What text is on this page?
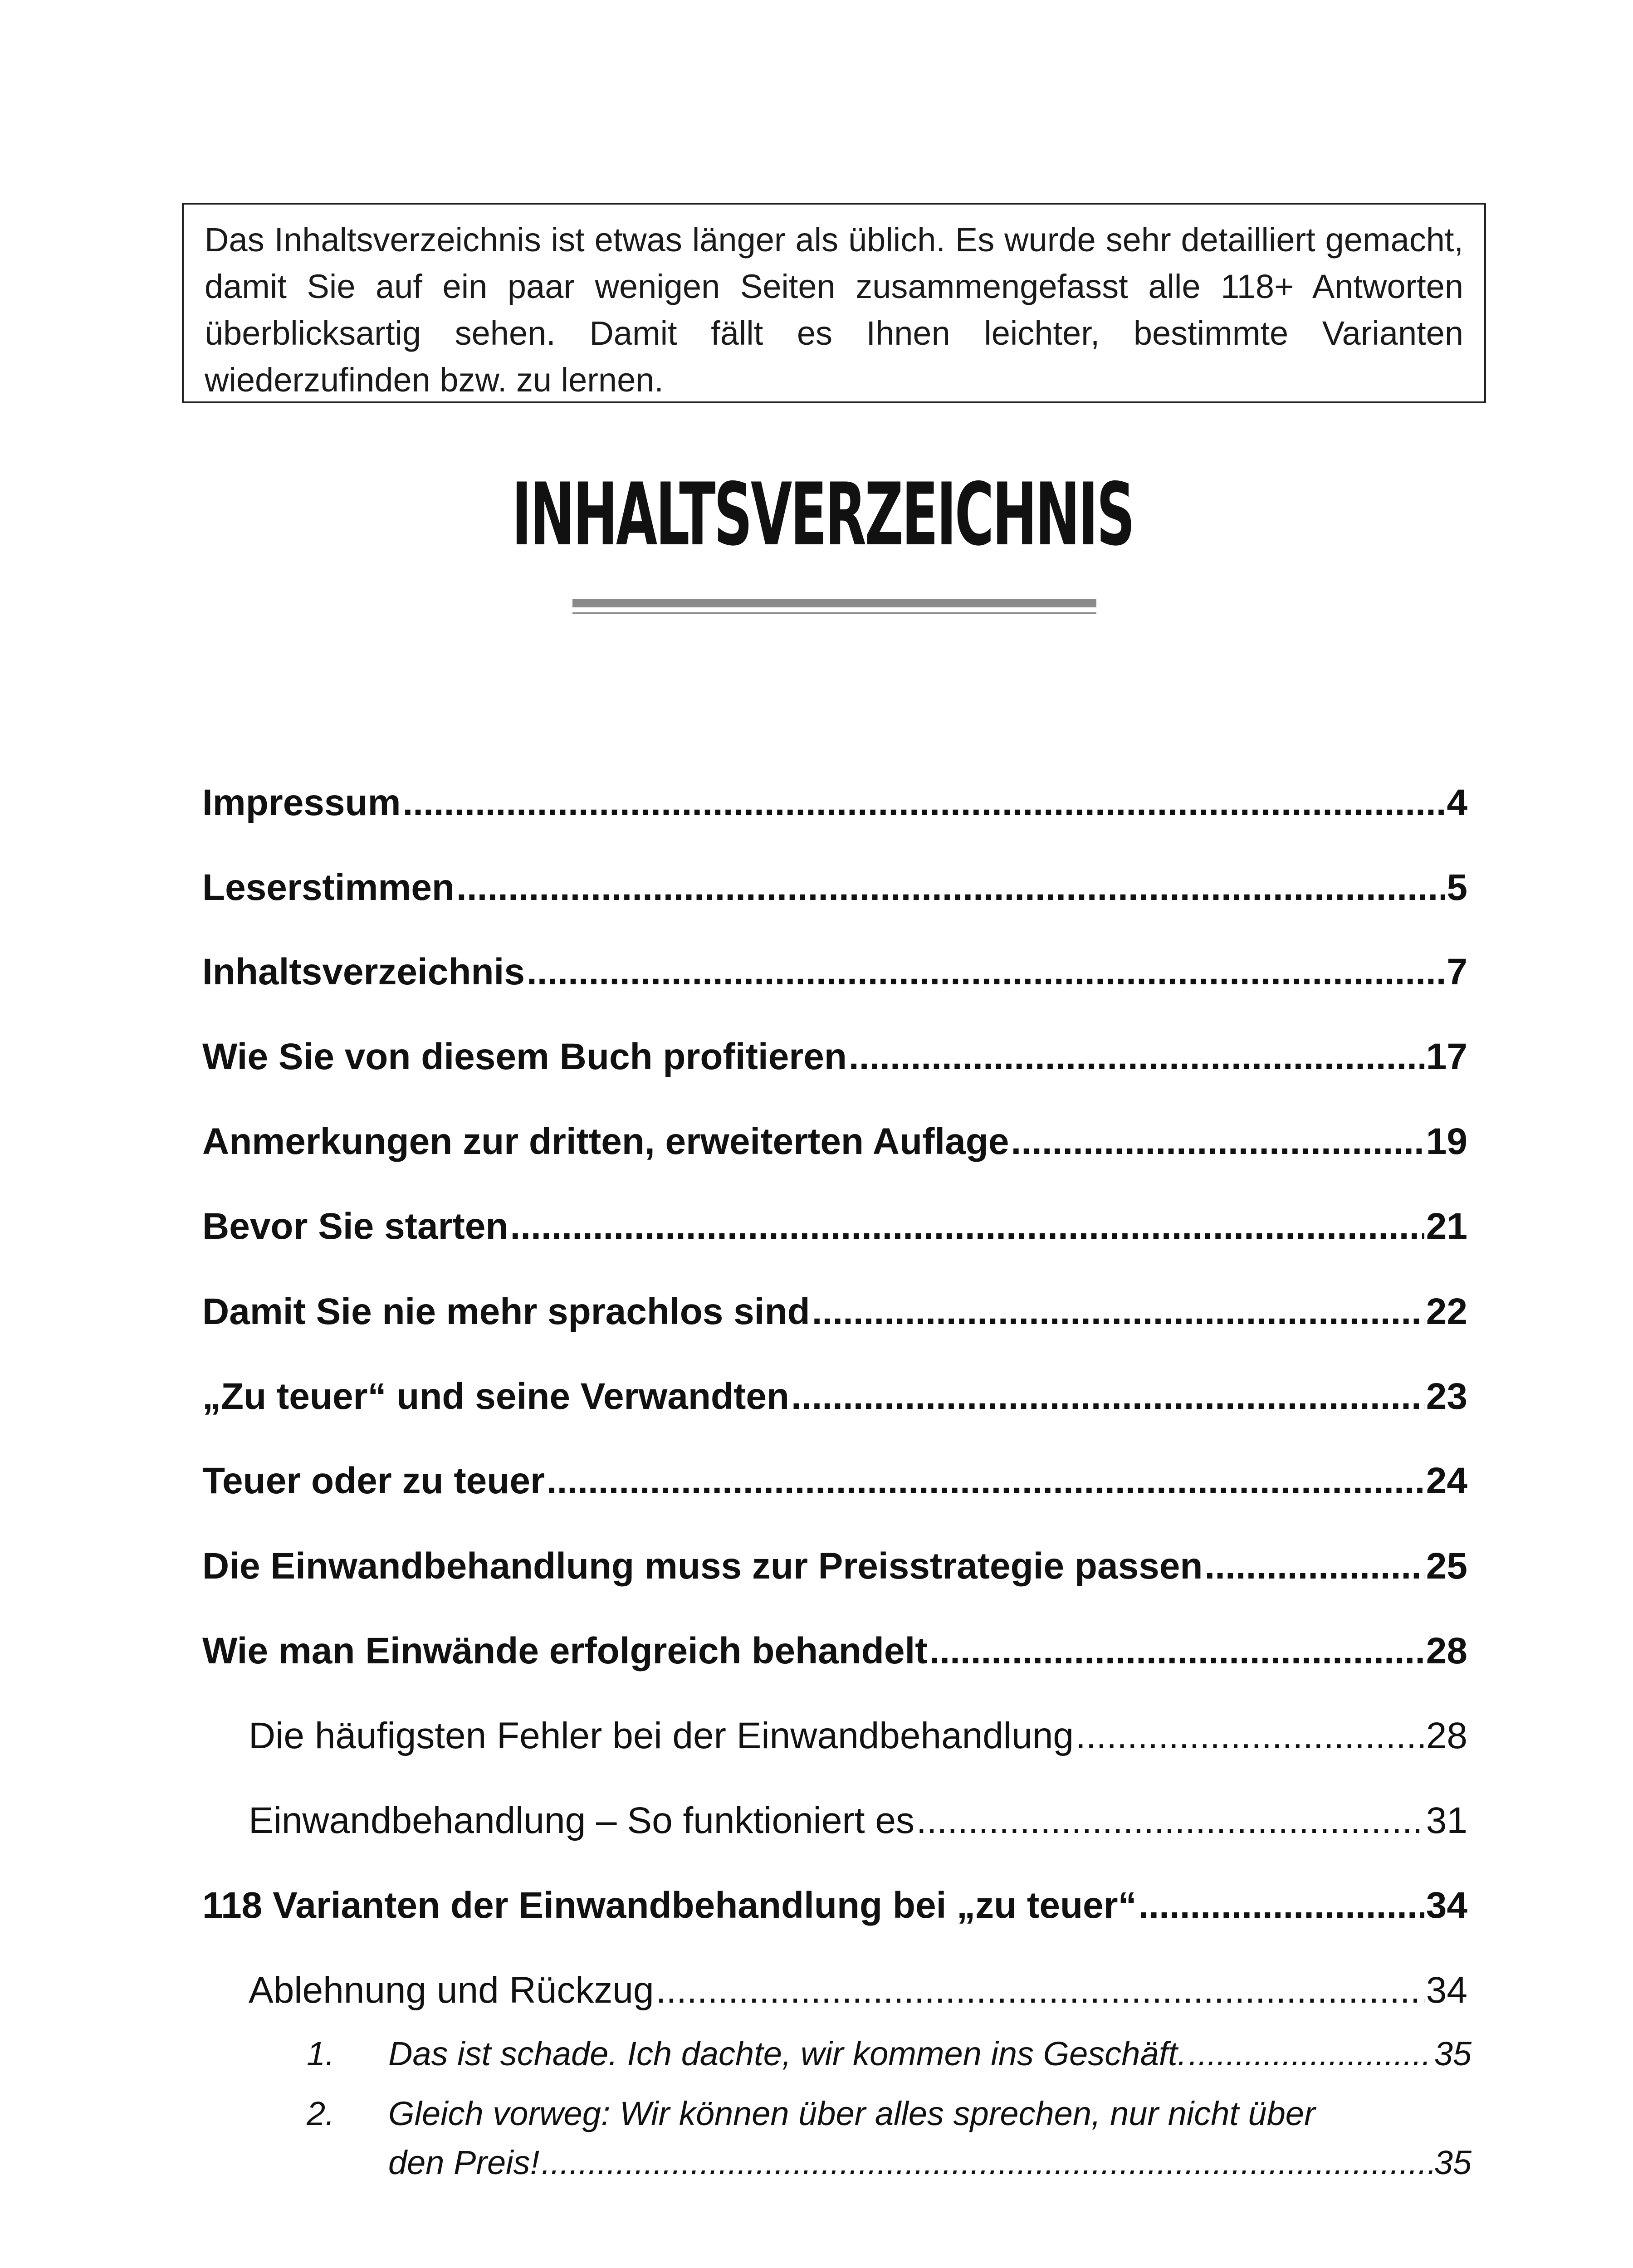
Das Inhaltsverzeichnis ist etwas länger als üblich. Es wurde sehr detailliert gemacht, damit Sie auf ein paar wenigen Seiten zusammengefasst alle 118+ Antworten überblicksartig sehen. Damit fällt es Ihnen leichter, bestimmte Varianten wiederzufinden bzw. zu lernen.

INHALTSVERZEICHNIS
Impressum .....	4
Leserstimmen .....	5
Inhaltsverzeichnis .....	7
Wie Sie von diesem Buch profitieren .....	17
Anmerkungen zur dritten, erweiterten Auflage .....	19
Bevor Sie starten .....	21
Damit Sie nie mehr sprachlos sind .....	22
„Zu teuer“ und seine Verwandten .....	23
Teuer oder zu teuer .....	24
Die Einwandbehandlung muss zur Preisstrategie passen .....	25
Wie man Einwände erfolgreich behandelt .....	28
Die häufigsten Fehler bei der Einwandbehandlung .....	28
Einwandbehandlung – So funktioniert es .....	31
118 Varianten der Einwandbehandlung bei „zu teuer“ .....	34
Ablehnung und Rückzug .....	34
1. Das ist schade. Ich dachte, wir kommen ins Geschäft. .....	35
2. Gleich vorweg: Wir können über alles sprechen, nur nicht über
den Preis! .....	35
